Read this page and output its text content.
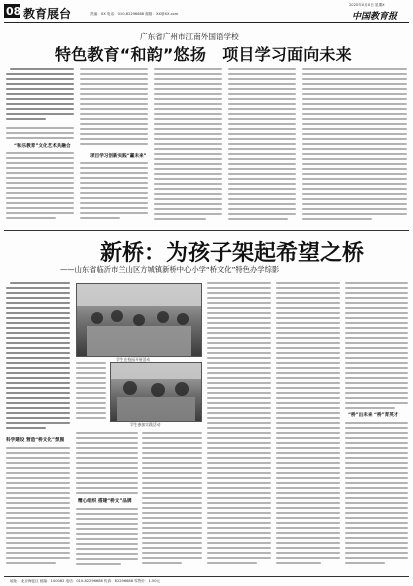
08 教育展台	责编：XX 电话：010-82296688 邮箱：XX@XX.com
2020年X月X日 星期X
中国教育报
广东省广州市江南外国语学校
特色教育“和韵”悠扬　项目学习面向未来
“和乐教育”文化艺术共融合
项目学习创新实践“赢未来”
新桥：为孩子架起希望之桥
——山东省临沂市兰山区方城镇新桥中心小学“桥文化”特色办学综影
科学建设 营造“桥文化”氛围
学生在校园开展活动
学生参加实践活动
精心组织 搭建“桥文”品牌
“桥”出未来 “桥”育英才
地址：北京海淀区 邮编：100082 电话：010-82296688 传真：82296688 零售价：1.50元
